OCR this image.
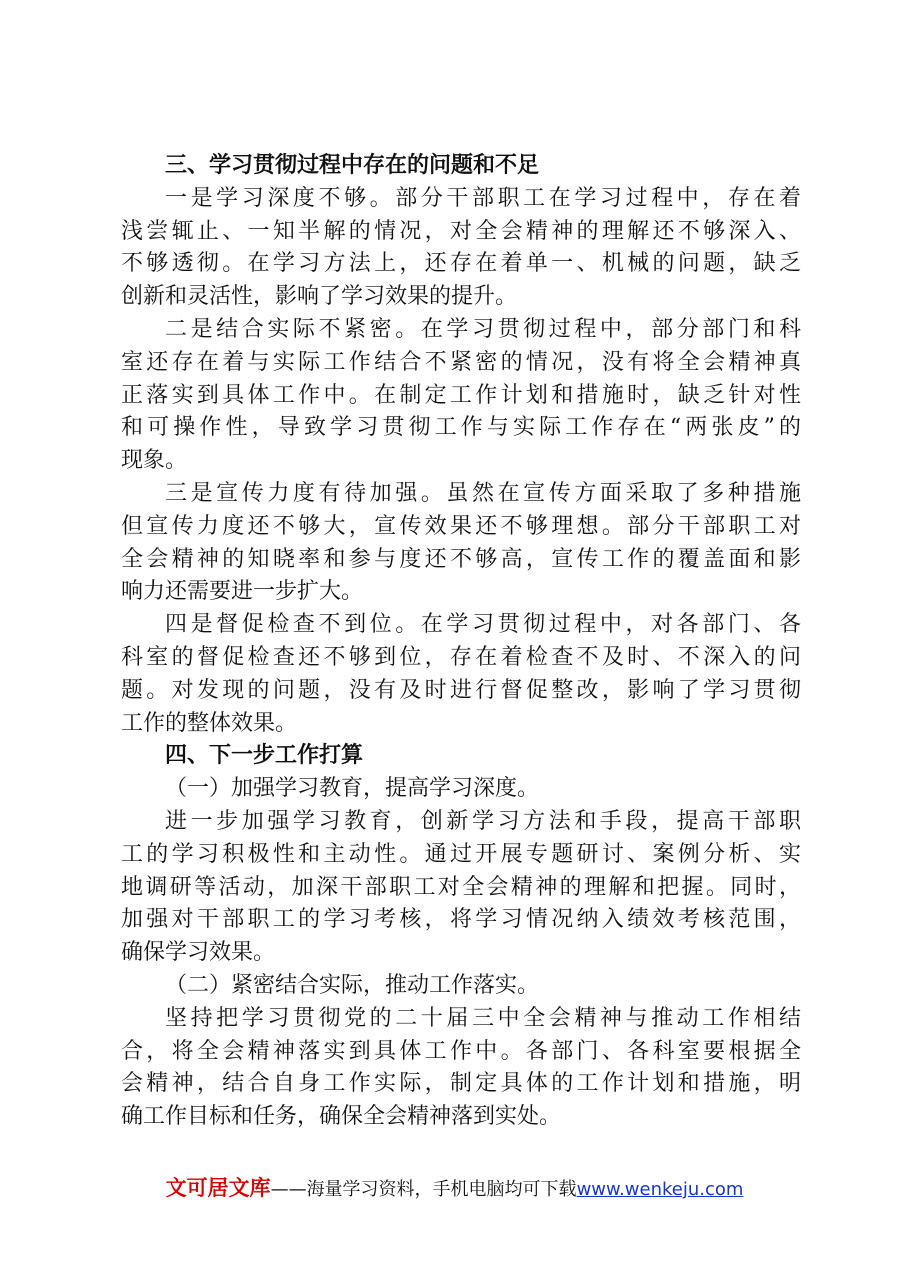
三、学习贯彻过程中存在的问题和不足
一是学习深度不够。部分干部职工在学习过程中，存在着
浅尝辄止、一知半解的情况，对全会精神的理解还不够深入、
不够透彻。在学习方法上，还存在着单一、机械的问题，缺乏
创新和灵活性，影响了学习效果的提升。
二是结合实际不紧密。在学习贯彻过程中，部分部门和科
室还存在着与实际工作结合不紧密的情况，没有将全会精神真
正落实到具体工作中。在制定工作计划和措施时，缺乏针对性
和可操作性，导致学习贯彻工作与实际工作存在“两张皮”的
现象。
三是宣传力度有待加强。虽然在宣传方面采取了多种措施
但宣传力度还不够大，宣传效果还不够理想。部分干部职工对
全会精神的知晓率和参与度还不够高，宣传工作的覆盖面和影
响力还需要进一步扩大。
四是督促检查不到位。在学习贯彻过程中，对各部门、各
科室的督促检查还不够到位，存在着检查不及时、不深入的问
题。对发现的问题，没有及时进行督促整改，影响了学习贯彻
工作的整体效果。
四、下一步工作打算
（一）加强学习教育，提高学习深度。
进一步加强学习教育，创新学习方法和手段，提高干部职
工的学习积极性和主动性。通过开展专题研讨、案例分析、实
地调研等活动，加深干部职工对全会精神的理解和把握。同时，
加强对干部职工的学习考核，将学习情况纳入绩效考核范围，
确保学习效果。
（二）紧密结合实际，推动工作落实。
坚持把学习贯彻党的二十届三中全会精神与推动工作相结
合，将全会精神落实到具体工作中。各部门、各科室要根据全
会精神，结合自身工作实际，制定具体的工作计划和措施，明
确工作目标和任务，确保全会精神落到实处。
文可居文库——海量学习资料，手机电脑均可下载www.wenkeju.com
